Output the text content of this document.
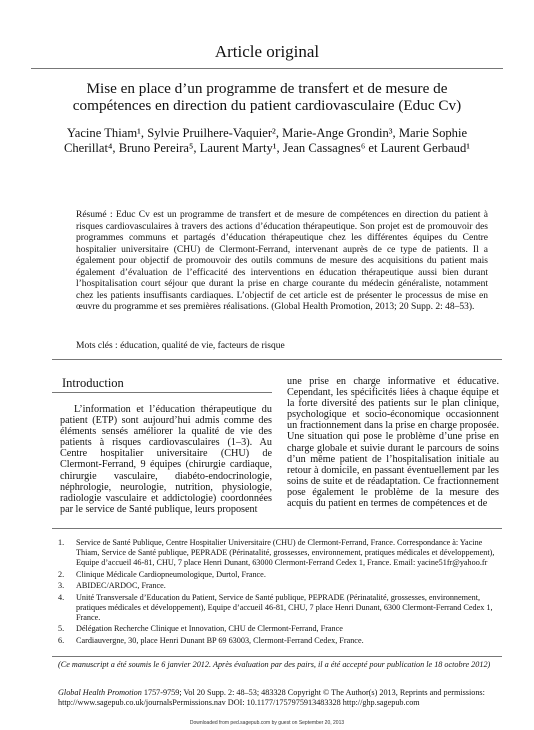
Article original
Mise en place d’un programme de transfert et de mesure de compétences en direction du patient cardiovasculaire (Educ Cv)
Yacine Thiam¹, Sylvie Pruilhere-Vaquier², Marie-Ange Grondin³, Marie Sophie Cherillat⁴, Bruno Pereira⁵, Laurent Marty¹, Jean Cassagnes⁶ et Laurent Gerbaud¹
Résumé : Educ Cv est un programme de transfert et de mesure de compétences en direction du patient à risques cardiovasculaires à travers des actions d’éducation thérapeutique. Son projet est de promouvoir des programmes communs et partagés d’éducation thérapeutique chez les différentes équipes du Centre hospitalier universitaire (CHU) de Clermont-Ferrand, intervenant auprès de ce type de patients. Il a également pour objectif de promouvoir des outils communs de mesure des acquisitions du patient mais également d’évaluation de l’efficacité des interventions en éducation thérapeutique aussi bien durant l’hospitalisation court séjour que durant la prise en charge courante du médecin généraliste, notamment chez les patients insuffisants cardiaques. L’objectif de cet article est de présenter le processus de mise en œuvre du programme et ses premières réalisations. (Global Health Promotion, 2013; 20 Supp. 2: 48–53).
Mots clés : éducation, qualité de vie, facteurs de risque
Introduction

L’information et l’éducation thérapeutique du patient (ETP) sont aujourd’hui admis comme des éléments sensés améliorer la qualité de vie des patients à risques cardiovasculaires (1–3). Au Centre hospitalier universitaire (CHU) de Clermont-Ferrand, 9 équipes (chirurgie cardiaque, chirurgie vasculaire, diabéto-endocrinologie, néphrologie, neurologie, nutrition, physiologie, radiologie vasculaire et addictologie) coordonnées par le service de Santé publique, leurs proposent

une prise en charge informative et éducative. Cependant, les spécificités liées à chaque équipe et la forte diversité des patients sur le plan clinique, psychologique et socio-économique occasionnent un fractionnement dans la prise en charge proposée. Une situation qui pose le problème d’une prise en charge globale et suivie durant le parcours de soins d’un même patient de l’hospitalisation initiale au retour à domicile, en passant éventuellement par les soins de suite et de réadaptation. Ce fractionnement pose également le problème de la mesure des acquis du patient en termes de compétences et de

1. Service de Santé Publique, Centre Hospitalier Universitaire (CHU) de Clermont-Ferrand, France. Correspondance à: Yacine Thiam, Service de Santé publique, PEPRADE (Périnatalité, grossesses, environnement, pratiques médicales et développement), Equipe d’accueil 46-81, CHU, 7 place Henri Dunant, 63000 Clermont-Ferrand Cedex 1, France. Email: yacine51fr@yahoo.fr
2. Clinique Médicale Cardiopneumologique, Durtol, France.
3. ABIDEC/ARDOC, France.
4. Unité Transversale d’Education du Patient, Service de Santé publique, PEPRADE (Périnatalité, grossesses, environnement, pratiques médicales et développement), Equipe d’accueil 46-81, CHU, 7 place Henri Dunant, 6300 Clermont-Ferrand Cedex 1, France.
5. Délégation Recherche Clinique et Innovation, CHU de Clermont-Ferrand, France
6. Cardiauvergne, 30, place Henri Dunant BP 69 63003, Clermont-Ferrand Cedex, France.
(Ce manuscript a été soumis le 6 janvier 2012. Après évaluation par des pairs, il a été accepté pour publication le 18 octobre 2012)
Global Health Promotion 1757-9759; Vol 20 Supp. 2: 48–53; 483328 Copyright © The Author(s) 2013, Reprints and permissions: http://www.sagepub.co.uk/journalsPermissions.nav DOI: 10.1177/1757975913483328 http://ghp.sagepub.com
Downloaded from ped.sagepub.com by guest on September 20, 2013
